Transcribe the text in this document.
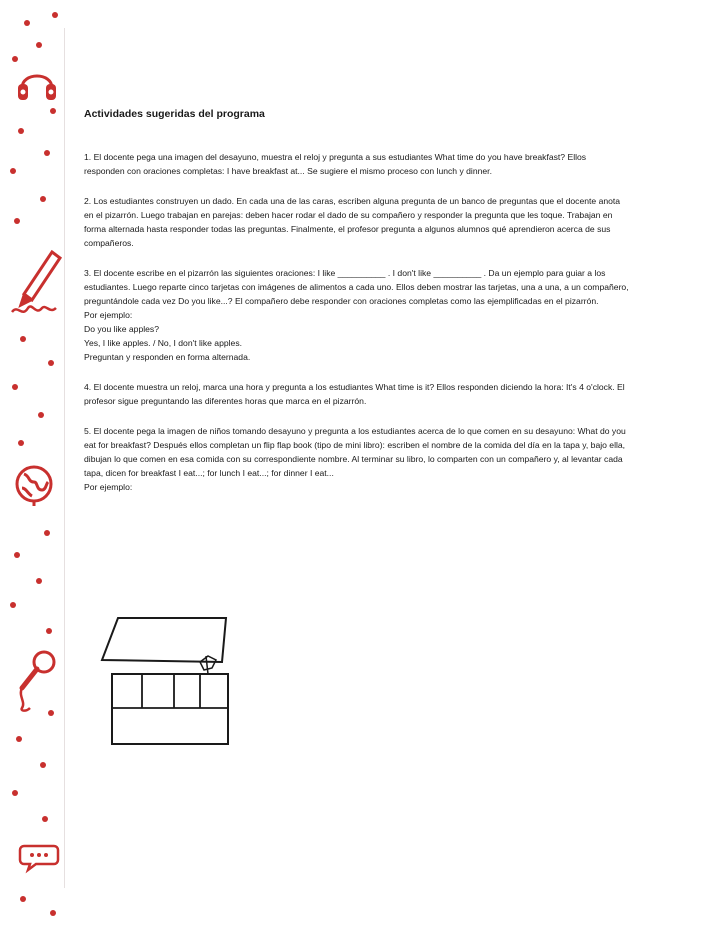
Actividades sugeridas del programa

1. El docente pega una imagen del desayuno, muestra el reloj y pregunta a sus estudiantes What time do you have breakfast? Ellos responden con oraciones completas: I have breakfast at... Se sugiere el mismo proceso con lunch y dinner.

2. Los estudiantes construyen un dado. En cada una de las caras, escriben alguna pregunta de un banco de preguntas que el docente anota en el pizarrón. Luego trabajan en parejas: deben hacer rodar el dado de su compañero y responder la pregunta que les toque. Trabajan en forma alternada hasta responder todas las preguntas. Finalmente, el profesor pregunta a algunos alumnos qué aprendieron acerca de sus compañeros.

3. El docente escribe en el pizarrón las siguientes oraciones: I like __________ . I don't like __________ . Da un ejemplo para guiar a los estudiantes. Luego reparte cinco tarjetas con imágenes de alimentos a cada uno. Ellos deben mostrar las tarjetas, una a una, a un compañero, preguntándole cada vez Do you like...? El compañero debe responder con oraciones completas como las ejemplificadas en el pizarrón.

Por ejemplo:

Do you like apples?

Yes, I like apples. / No, I don't like apples.

Preguntan y responden en forma alternada.

4. El docente muestra un reloj, marca una hora y pregunta a los estudiantes What time is it? Ellos responden diciendo la hora: It's 4 o'clock. El profesor sigue preguntando las diferentes horas que marca en el pizarrón.

5. El docente pega la imagen de niños tomando desayuno y pregunta a los estudiantes acerca de lo que comen en su desayuno: What do you eat for breakfast? Después ellos completan un flip flap book (tipo de mini libro): escriben el nombre de la comida del día en la tapa y, bajo ella, dibujan lo que comen en esa comida con su correspondiente nombre. Al terminar su libro, lo comparten con un compañero y, al levantar cada tapa, dicen for breakfast I eat...; for lunch I eat...; for dinner I eat...

Por ejemplo:
